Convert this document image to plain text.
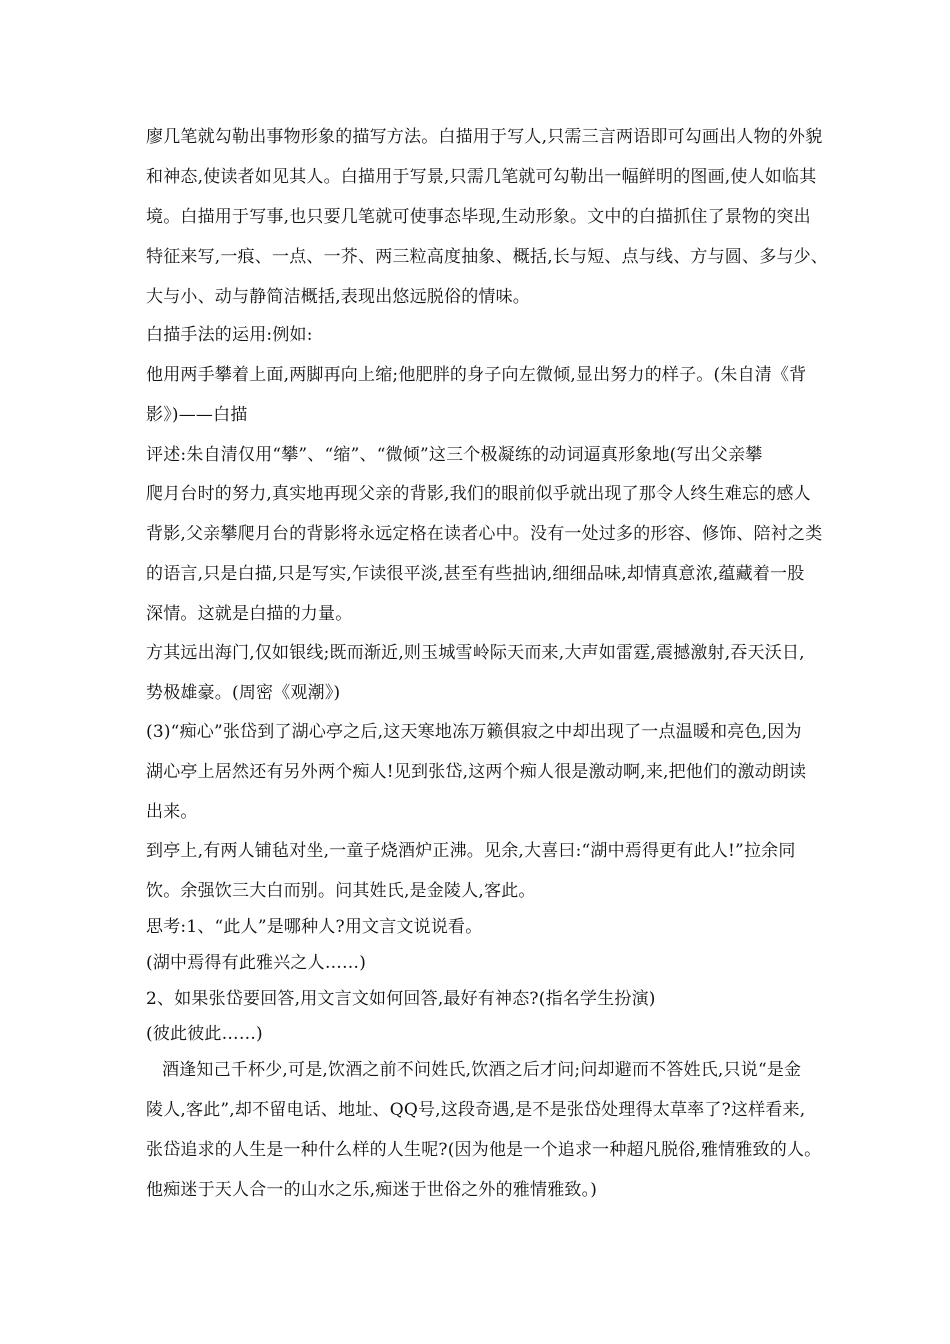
廖几笔就勾勒出事物形象的描写方法。白描用于写人,只需三言两语即可勾画出人物的外貌
和神态,使读者如见其人。白描用于写景,只需几笔就可勾勒出一幅鲜明的图画,使人如临其
境。白描用于写事,也只要几笔就可使事态毕现,生动形象。文中的白描抓住了景物的突出
特征来写,一痕、一点、一芥、两三粒高度抽象、概括,长与短、点与线、方与圆、多与少、
大与小、动与静简洁概括,表现出悠远脱俗的情味。
白描手法的运用:例如:
他用两手攀着上面,两脚再向上缩;他肥胖的身子向左微倾,显出努力的样子。(朱自清《背
影》)——白描
评述:朱自清仅用“攀”、“缩”、“微倾”这三个极凝练的动词逼真形象地(写出父亲攀
爬月台时的努力,真实地再现父亲的背影,我们的眼前似乎就出现了那令人终生难忘的感人
背影,父亲攀爬月台的背影将永远定格在读者心中。没有一处过多的形容、修饰、陪衬之类
的语言,只是白描,只是写实,乍读很平淡,甚至有些拙讷,细细品味,却情真意浓,蕴藏着一股
深情。这就是白描的力量。
方其远出海门,仅如银线;既而渐近,则玉城雪岭际天而来,大声如雷霆,震撼激射,吞天沃日,
势极雄豪。(周密《观潮》)
(3)“痴心”张岱到了湖心亭之后,这天寒地冻万籁俱寂之中却出现了一点温暖和亮色,因为
湖心亭上居然还有另外两个痴人!见到张岱,这两个痴人很是激动啊,来,把他们的激动朗读
出来。
到亭上,有两人铺毡对坐,一童子烧酒炉正沸。见余,大喜曰:“湖中焉得更有此人!”拉余同
饮。余强饮三大白而别。问其姓氏,是金陵人,客此。
思考:1、“此人”是哪种人?用文言文说说看。
(湖中焉得有此雅兴之人……)
2、如果张岱要回答,用文言文如何回答,最好有神态?(指名学生扮演)
(彼此彼此……)
酒逢知己千杯少,可是,饮酒之前不问姓氏,饮酒之后才问;问却避而不答姓氏,只说“是金
陵人,客此”,却不留电话、地址、QQ号,这段奇遇,是不是张岱处理得太草率了?这样看来,
张岱追求的人生是一种什么样的人生呢?(因为他是一个追求一种超凡脱俗,雅情雅致的人。
他痴迷于天人合一的山水之乐,痴迷于世俗之外的雅情雅致。)
